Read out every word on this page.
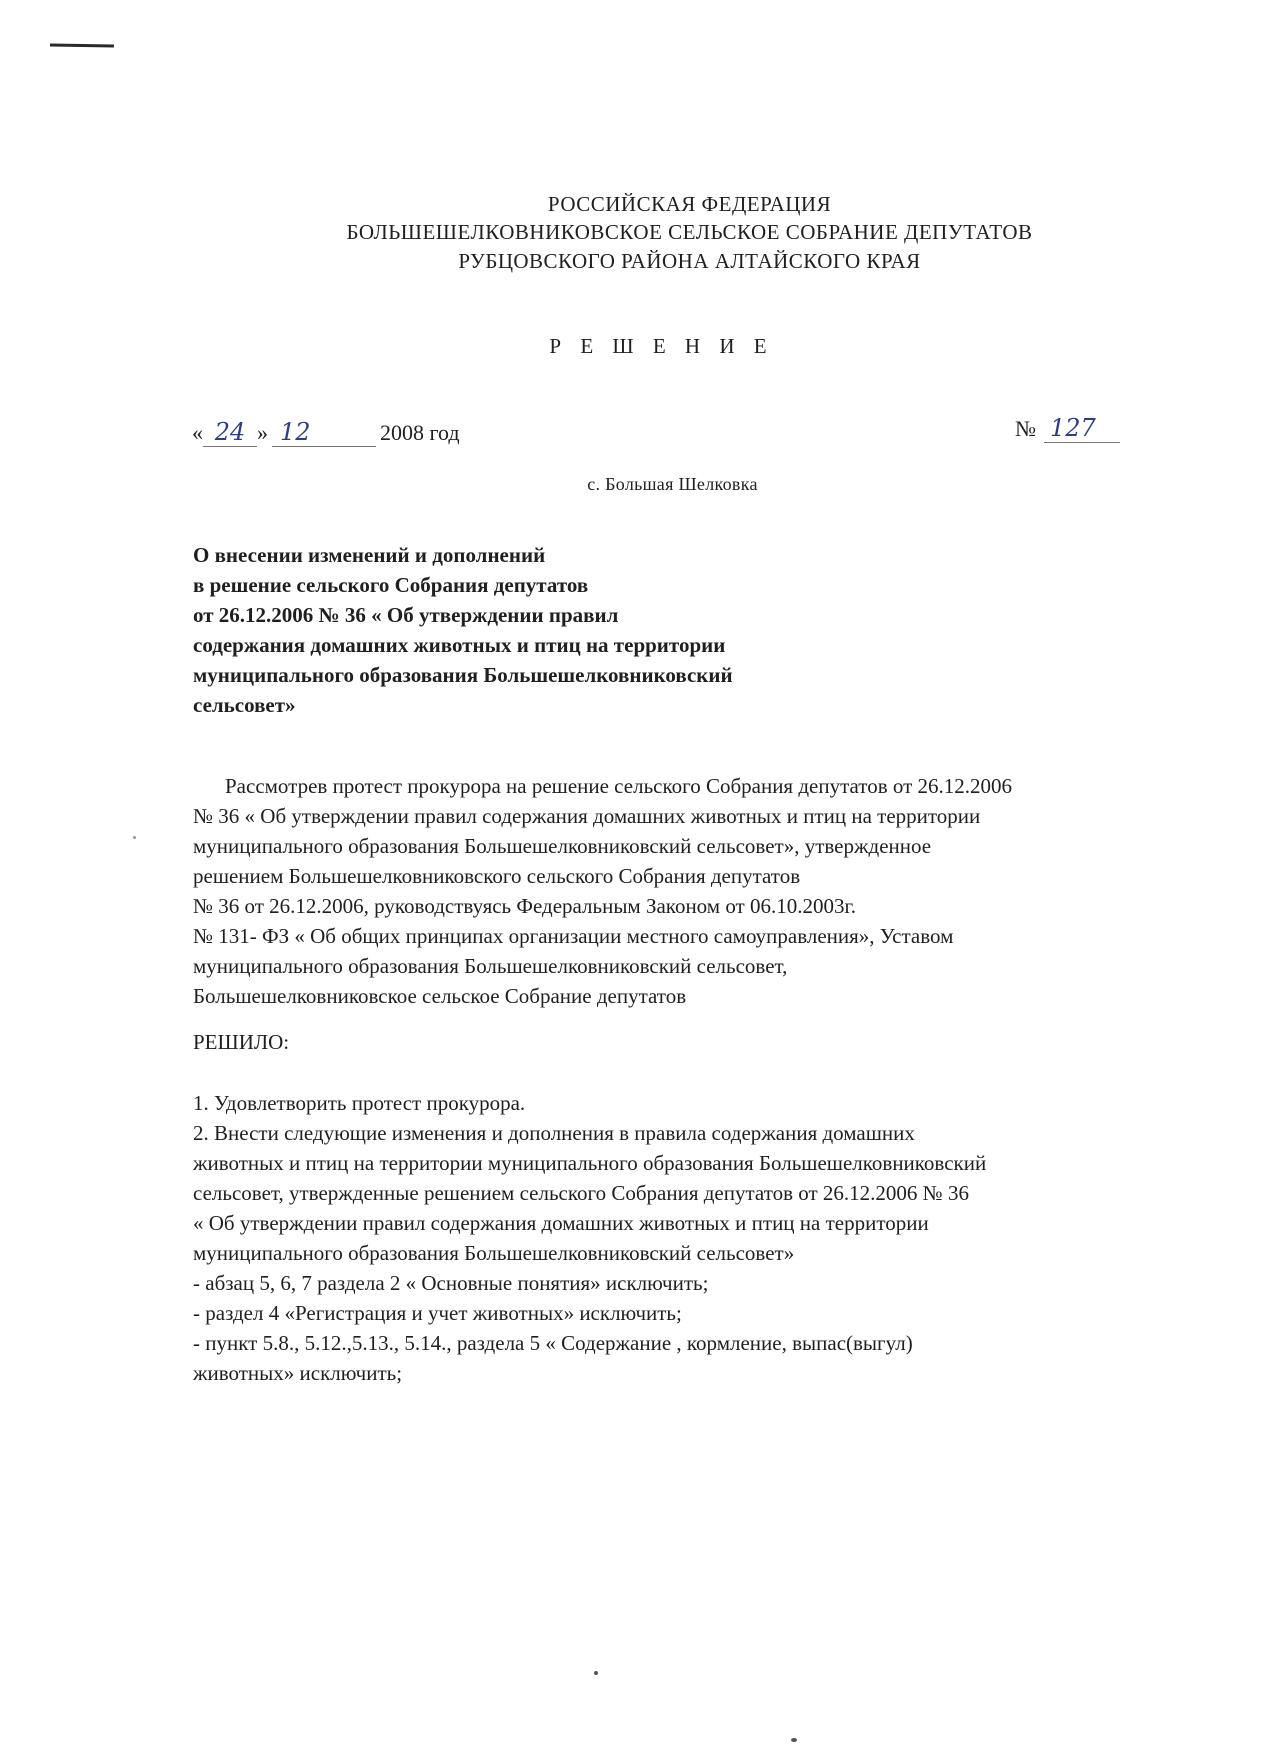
РОССИЙСКАЯ ФЕДЕРАЦИЯ
БОЛЬШЕШЕЛКОВНИКОВСКОЕ СЕЛЬСКОЕ СОБРАНИЕ ДЕПУТАТОВ
РУБЦОВСКОГО РАЙОНА АЛТАЙСКОГО КРАЯ
Р Е Ш Е Н И Е
« 24 » 12	2008 год	№ 127
с. Большая Шелковка
О внесении изменений и дополнений
в решение сельского Собрания депутатов
от 26.12.2006 № 36 « Об утверждении правил
содержания домашних животных и птиц на территории
муниципального образования Большешелковниковский
сельсовет»
Рассмотрев протест прокурора на решение сельского Собрания депутатов от 26.12.2006
№ 36 « Об утверждении правил содержания домашних животных и птиц на территории
муниципального образования Большешелковниковский сельсовет», утвержденное
решением Большешелковниковского сельского Собрания депутатов
№ 36 от 26.12.2006, руководствуясь Федеральным Законом от 06.10.2003г.
№ 131- ФЗ « Об общих принципах организации местного самоуправления», Уставом
муниципального образования Большешелковниковский сельсовет,
Большешелковниковское сельское Собрание депутатов
РЕШИЛО:
1. Удовлетворить протест прокурора.
2. Внести следующие изменения и дополнения в правила содержания домашних
животных и птиц на территории муниципального образования Большешелковниковский
сельсовет, утвержденные решением сельского Собрания депутатов от 26.12.2006 № 36
« Об утверждении правил содержания домашних животных и птиц на территории
муниципального образования Большешелковниковский сельсовет»
- абзац 5, 6, 7 раздела 2 « Основные понятия» исключить;
- раздел 4 «Регистрация и учет животных» исключить;
- пункт 5.8., 5.12.,5.13., 5.14., раздела 5 « Содержание , кормление, выпас(выгул)
животных» исключить;
